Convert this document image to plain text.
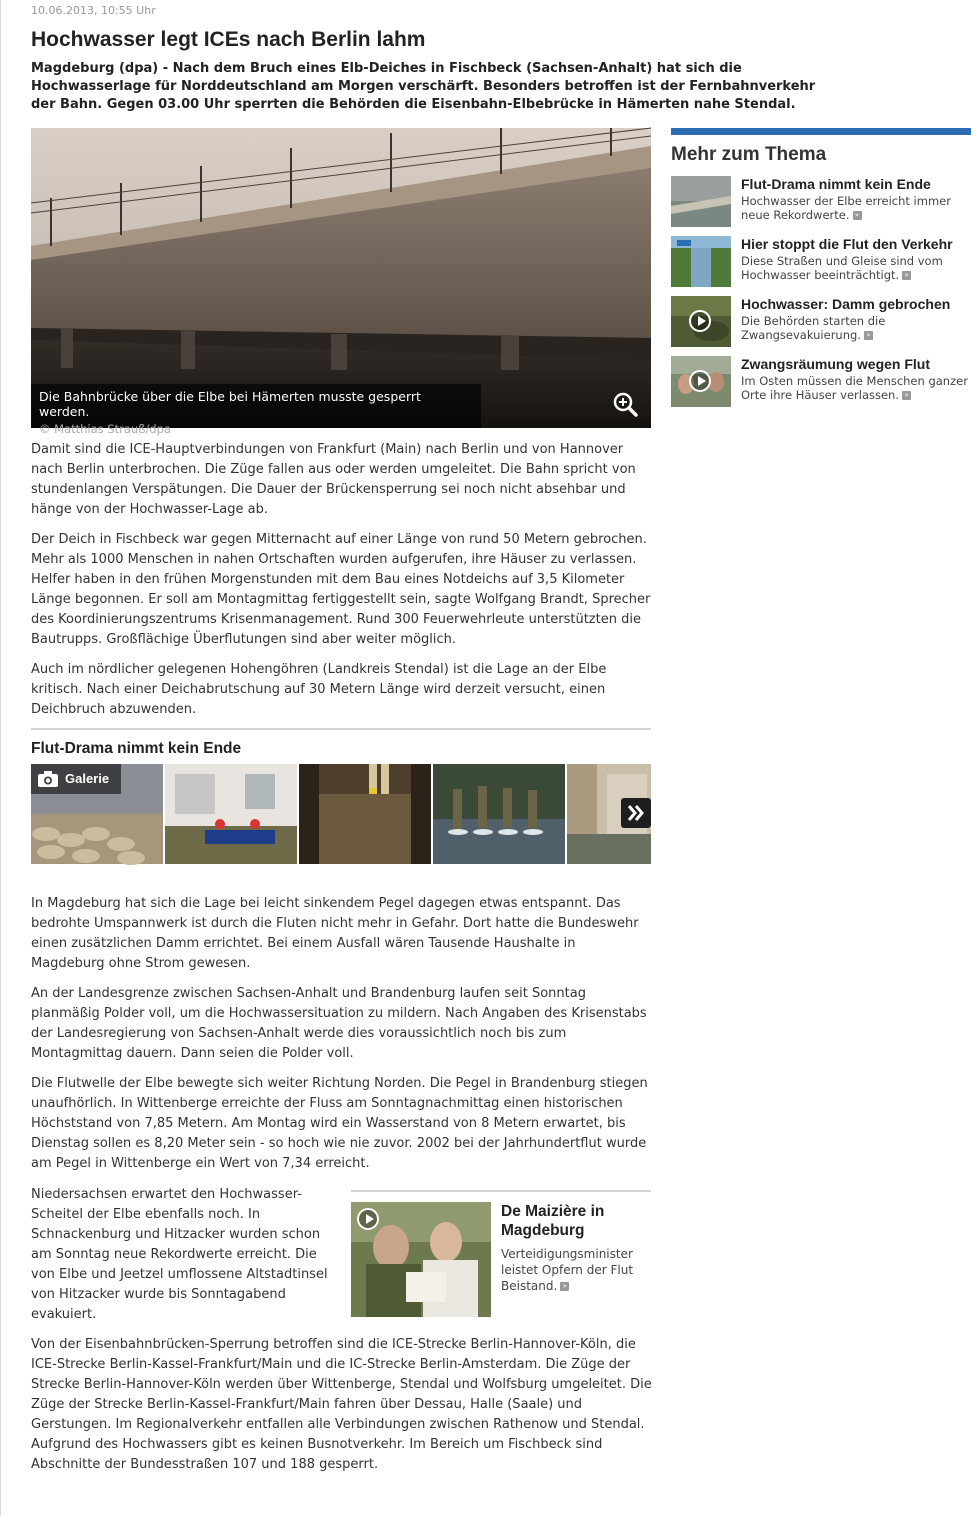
10.06.2013, 10:55 Uhr
Hochwasser legt ICEs nach Berlin lahm

Magdeburg (dpa) - Nach dem Bruch eines Elb-Deiches in Fischbeck (Sachsen-Anhalt) hat sich die Hochwasserlage für Norddeutschland am Morgen verschärft. Besonders betroffen ist der Fernbahnverkehr der Bahn. Gegen 03.00 Uhr sperrten die Behörden die Eisenbahn-Elbebrücke in Hämerten nahe Stendal.

Die Bahnbrücke über die Elbe bei Hämerten musste gesperrt werden.
© Matthias Strauß/dpa

Damit sind die ICE-Hauptverbindungen von Frankfurt (Main) nach Berlin und von Hannover nach Berlin unterbrochen. Die Züge fallen aus oder werden umgeleitet. Die Bahn spricht von stundenlangen Verspätungen. Die Dauer der Brückensperrung sei noch nicht absehbar und hänge von der Hochwasser-Lage ab.

Der Deich in Fischbeck war gegen Mitternacht auf einer Länge von rund 50 Metern gebrochen. Mehr als 1000 Menschen in nahen Ortschaften wurden aufgerufen, ihre Häuser zu verlassen. Helfer haben in den frühen Morgenstunden mit dem Bau eines Notdeichs auf 3,5 Kilometer Länge begonnen. Er soll am Montagmittag fertiggestellt sein, sagte Wolfgang Brandt, Sprecher des Koordinierungszentrums Krisenmanagement. Rund 300 Feuerwehrleute unterstützten die Bautrupps. Großflächige Überflutungen sind aber weiter möglich.

Auch im nördlicher gelegenen Hohengöhren (Landkreis Stendal) ist die Lage an der Elbe kritisch. Nach einer Deichabrutschung auf 30 Metern Länge wird derzeit versucht, einen Deichbruch abzuwenden.

Flut-Drama nimmt kein Ende
Galerie

In Magdeburg hat sich die Lage bei leicht sinkendem Pegel dagegen etwas entspannt. Das bedrohte Umspannwerk ist durch die Fluten nicht mehr in Gefahr. Dort hatte die Bundeswehr einen zusätzlichen Damm errichtet. Bei einem Ausfall wären Tausende Haushalte in Magdeburg ohne Strom gewesen.

An der Landesgrenze zwischen Sachsen-Anhalt und Brandenburg laufen seit Sonntag planmäßig Polder voll, um die Hochwassersituation zu mildern. Nach Angaben des Krisenstabs der Landesregierung von Sachsen-Anhalt werde dies voraussichtlich noch bis zum Montagmittag dauern. Dann seien die Polder voll.

Die Flutwelle der Elbe bewegte sich weiter Richtung Norden. Die Pegel in Brandenburg stiegen unaufhörlich. In Wittenberge erreichte der Fluss am Sonntagnachmittag einen historischen Höchststand von 7,85 Metern. Am Montag wird ein Wasserstand von 8 Metern erwartet, bis Dienstag sollen es 8,20 Meter sein - so hoch wie nie zuvor. 2002 bei der Jahrhundertflut wurde am Pegel in Wittenberge ein Wert von 7,34 erreicht.

Niedersachsen erwartet den Hochwasser-Scheitel der Elbe ebenfalls noch. In Schnackenburg und Hitzacker wurden schon am Sonntag neue Rekordwerte erreicht. Die von Elbe und Jeetzel umflossene Altstadtinsel von Hitzacker wurde bis Sonntagabend evakuiert.

De Maizière in Magdeburg
Verteidigungsminister leistet Opfern der Flut Beistand. »

Von der Eisenbahnbrücken-Sperrung betroffen sind die ICE-Strecke Berlin-Hannover-Köln, die ICE-Strecke Berlin-Kassel-Frankfurt/Main und die IC-Strecke Berlin-Amsterdam. Die Züge der Strecke Berlin-Hannover-Köln werden über Wittenberge, Stendal und Wolfsburg umgeleitet. Die Züge der Strecke Berlin-Kassel-Frankfurt/Main fahren über Dessau, Halle (Saale) und Gerstungen. Im Regionalverkehr entfallen alle Verbindungen zwischen Rathenow und Stendal. Aufgrund des Hochwassers gibt es keinen Busnotverkehr. Im Bereich um Fischbeck sind Abschnitte der Bundesstraßen 107 und 188 gesperrt.

Mehr zum Thema
Flut-Drama nimmt kein Ende
Hochwasser der Elbe erreicht immer neue Rekordwerte. »
Hier stoppt die Flut den Verkehr
Diese Straßen und Gleise sind vom Hochwasser beeinträchtigt. »
Hochwasser: Damm gebrochen
Die Behörden starten die Zwangsevakuierung. »
Zwangsräumung wegen Flut
Im Osten müssen die Menschen ganzer Orte ihre Häuser verlassen. »
